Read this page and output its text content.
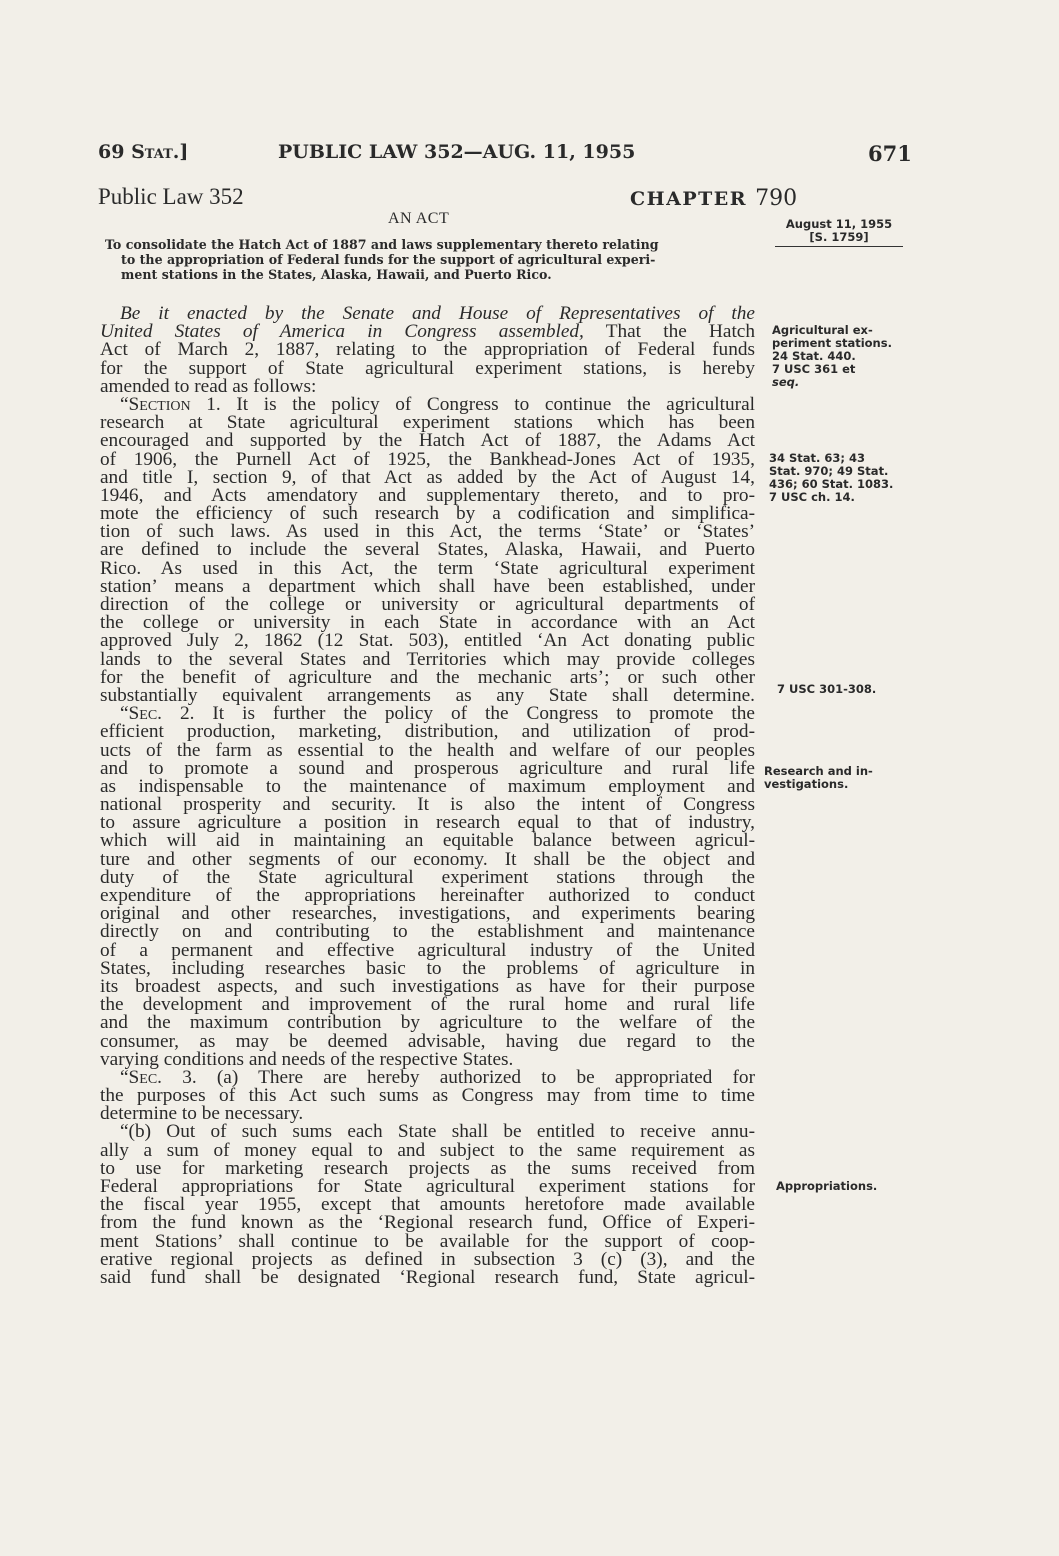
69 Stat.]	PUBLIC LAW 352—AUG. 11, 1955	671
Public Law 352	CHAPTER 790
AN ACT
To consolidate the Hatch Act of 1887 and laws supplementary thereto relating
to the appropriation of Federal funds for the support of agricultural experi-
ment stations in the States, Alaska, Hawaii, and Puerto Rico.
August 11, 1955
[S. 1759]
Agricultural ex-
periment stations.
24 Stat. 440.
7 USC 361 et
seq.
34 Stat. 63; 43
Stat. 970; 49 Stat.
436; 60 Stat. 1083.
7 USC ch. 14.
7 USC 301-308.
Research and in-
vestigations.
Appropriations.
Be it enacted by the Senate and House of Representatives of the
United States of America in Congress assembled, That the Hatch
Act of March 2, 1887, relating to the appropriation of Federal funds
for the support of State agricultural experiment stations, is hereby
amended to read as follows:
“Section 1. It is the policy of Congress to continue the agricultural
research at State agricultural experiment stations which has been
encouraged and supported by the Hatch Act of 1887, the Adams Act
of 1906, the Purnell Act of 1925, the Bankhead-Jones Act of 1935,
and title I, section 9, of that Act as added by the Act of August 14,
1946, and Acts amendatory and supplementary thereto, and to pro-
mote the efficiency of such research by a codification and simplifica-
tion of such laws. As used in this Act, the terms ‘State’ or ‘States’
are defined to include the several States, Alaska, Hawaii, and Puerto
Rico. As used in this Act, the term ‘State agricultural experiment
station’ means a department which shall have been established, under
direction of the college or university or agricultural departments of
the college or university in each State in accordance with an Act
approved July 2, 1862 (12 Stat. 503), entitled ‘An Act donating public
lands to the several States and Territories which may provide colleges
for the benefit of agriculture and the mechanic arts’; or such other
substantially equivalent arrangements as any State shall determine.
“Sec. 2. It is further the policy of the Congress to promote the
efficient production, marketing, distribution, and utilization of prod-
ucts of the farm as essential to the health and welfare of our peoples
and to promote a sound and prosperous agriculture and rural life
as indispensable to the maintenance of maximum employment and
national prosperity and security. It is also the intent of Congress
to assure agriculture a position in research equal to that of industry,
which will aid in maintaining an equitable balance between agricul-
ture and other segments of our economy. It shall be the object and
duty of the State agricultural experiment stations through the
expenditure of the appropriations hereinafter authorized to conduct
original and other researches, investigations, and experiments bearing
directly on and contributing to the establishment and maintenance
of a permanent and effective agricultural industry of the United
States, including researches basic to the problems of agriculture in
its broadest aspects, and such investigations as have for their purpose
the development and improvement of the rural home and rural life
and the maximum contribution by agriculture to the welfare of the
consumer, as may be deemed advisable, having due regard to the
varying conditions and needs of the respective States.
“Sec. 3. (a) There are hereby authorized to be appropriated for
the purposes of this Act such sums as Congress may from time to time
determine to be necessary.
“(b) Out of such sums each State shall be entitled to receive annu-
ally a sum of money equal to and subject to the same requirement as
to use for marketing research projects as the sums received from
Federal appropriations for State agricultural experiment stations for
the fiscal year 1955, except that amounts heretofore made available
from the fund known as the ‘Regional research fund, Office of Experi-
ment Stations’ shall continue to be available for the support of coop-
erative regional projects as defined in subsection 3 (c) (3), and the
said fund shall be designated ‘Regional research fund, State agricul-
